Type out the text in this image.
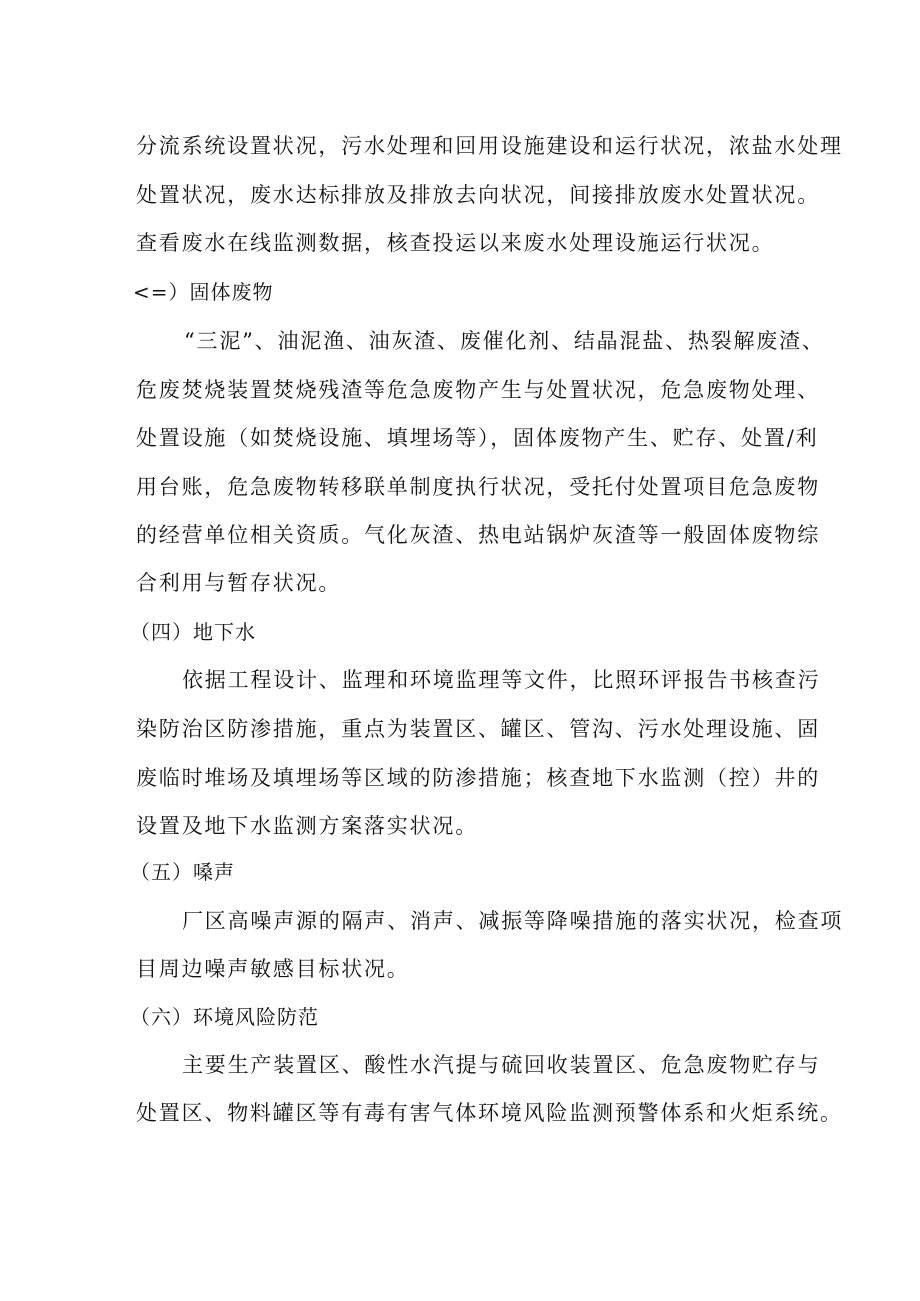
分流系统设置状况，污水处理和回用设施建设和运行状况，浓盐水处理
处置状况，废水达标排放及排放去向状况，间接排放废水处置状况。
查看废水在线监测数据，核查投运以来废水处理设施运行状况。
<=）固体废物
“三泥”、油泥渔、油灰渣、废催化剂、结晶混盐、热裂解废渣、
危废焚烧装置焚烧残渣等危急废物产生与处置状况，危急废物处理、
处置设施（如焚烧设施、填埋场等），固体废物产生、贮存、处置/利
用台账，危急废物转移联单制度执行状况，受托付处置项目危急废物
的经营单位相关资质。气化灰渣、热电站锅炉灰渣等一般固体废物综
合利用与暂存状况。
（四）地下水
依据工程设计、监理和环境监理等文件，比照环评报告书核查污
染防治区防渗措施，重点为装置区、罐区、管沟、污水处理设施、固
废临时堆场及填埋场等区域的防渗措施；核查地下水监测（控）井的
设置及地下水监测方案落实状况。
（五）嗓声
厂区高噪声源的隔声、消声、减振等降噪措施的落实状况，检查项
目周边噪声敏感目标状况。
（六）环境风险防范
主要生产装置区、酸性水汽提与硫回收装置区、危急废物贮存与
处置区、物料罐区等有毒有害气体环境风险监测预警体系和火炬系统。
